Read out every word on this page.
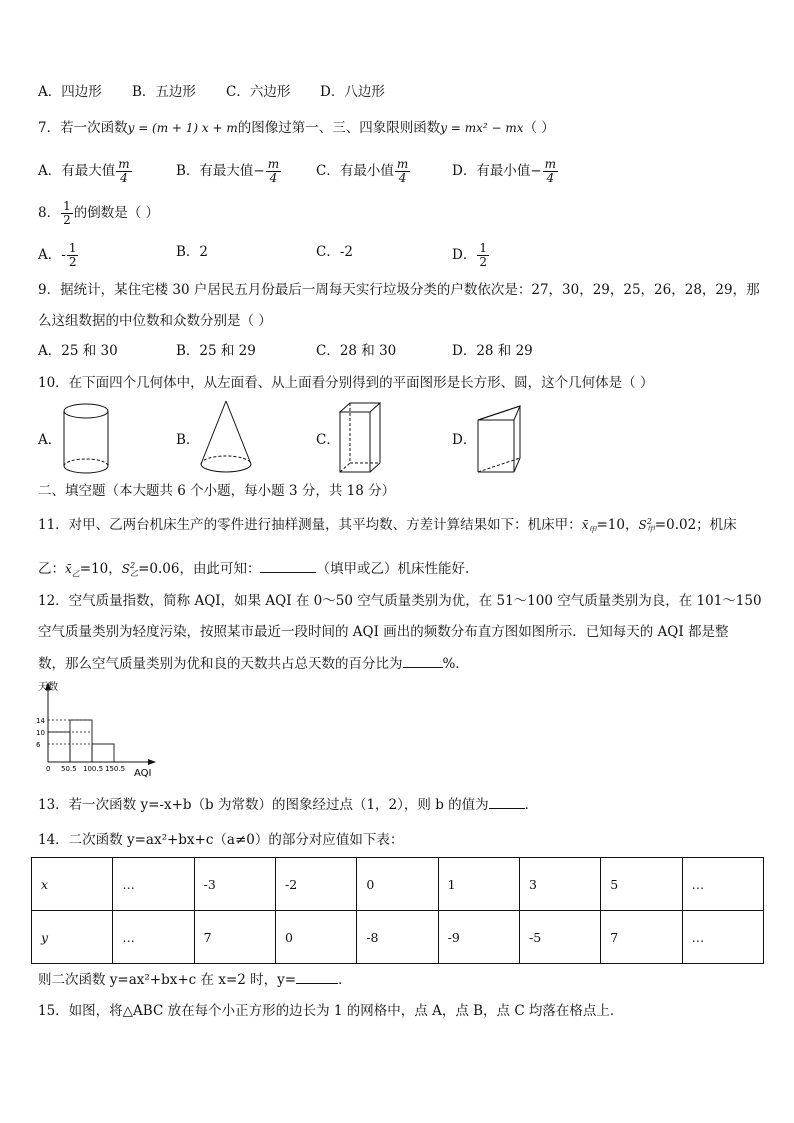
A．四边形 B．五边形 C．六边形 D．八边形
7．若一次函数y = (m + 1) x + m的图像过第一、三、四象限则函数y = mx² − mx（ ）
A．有最大值 $\frac{m}{4}$	B．有最大值− $\frac{m}{4}$	C．有最小值 $\frac{m}{4}$	D．有最小值− $\frac{m}{4}$
8． $\frac{1}{2}$ 的倒数是（ ）
A．- $\frac{1}{2}$	B．2	C．-2	D． $\frac{1}{2}$
9．据统计，某住宅楼 30 户居民五月份最后一周每天实行垃圾分类的户数依次是：27，30，29，25，26，28，29，那
么这组数据的中位数和众数分别是（ ）
A．25 和 30	B．25 和 29	C．28 和 30	D．28 和 29
10．在下面四个几何体中，从左面看、从上面看分别得到的平面图形是长方形、圆，这个几何体是（ ）
A．	B．	C．	D．
二、填空题（本大题共 6 个小题，每小题 3 分，共 18 分）
11．对甲、乙两台机床生产的零件进行抽样测量，其平均数、方差计算结果如下：机床甲：$x̄_甲=10$，$S^2_甲=0.02$；机床
乙：$x̄_乙=10$，$S^2_乙=0.06$，由此可知：	（填甲或乙）机床性能好.
12．空气质量指数，简称 AQI，如果 AQI 在 0～50 空气质量类别为优，在 51～100 空气质量类别为良，在 101～150
空气质量类别为轻度污染，按照某市最近一段时间的 AQI 画出的频数分布直方图如图所示．已知每天的 AQI 都是整
数，那么空气质量类别为优和良的天数共占总天数的百分比为	%．
天数
AQI
6
10
14
0 50.5 100.5 150.5
13．若一次函数 y=-x+b（b 为常数）的图象经过点（1，2），则 b 的值为	．
14．二次函数 y=ax²+bx+c（a≠0）的部分对应值如下表：
x	…	-3	-2	0	1	3	5	…
y	…	7	0	-8	-9	-5	7	…
则二次函数 y=ax²+bx+c 在 x=2 时，y=	．
15．如图，将△ABC 放在每个小正方形的边长为 1 的网格中，点 A，点 B，点 C 均落在格点上．
